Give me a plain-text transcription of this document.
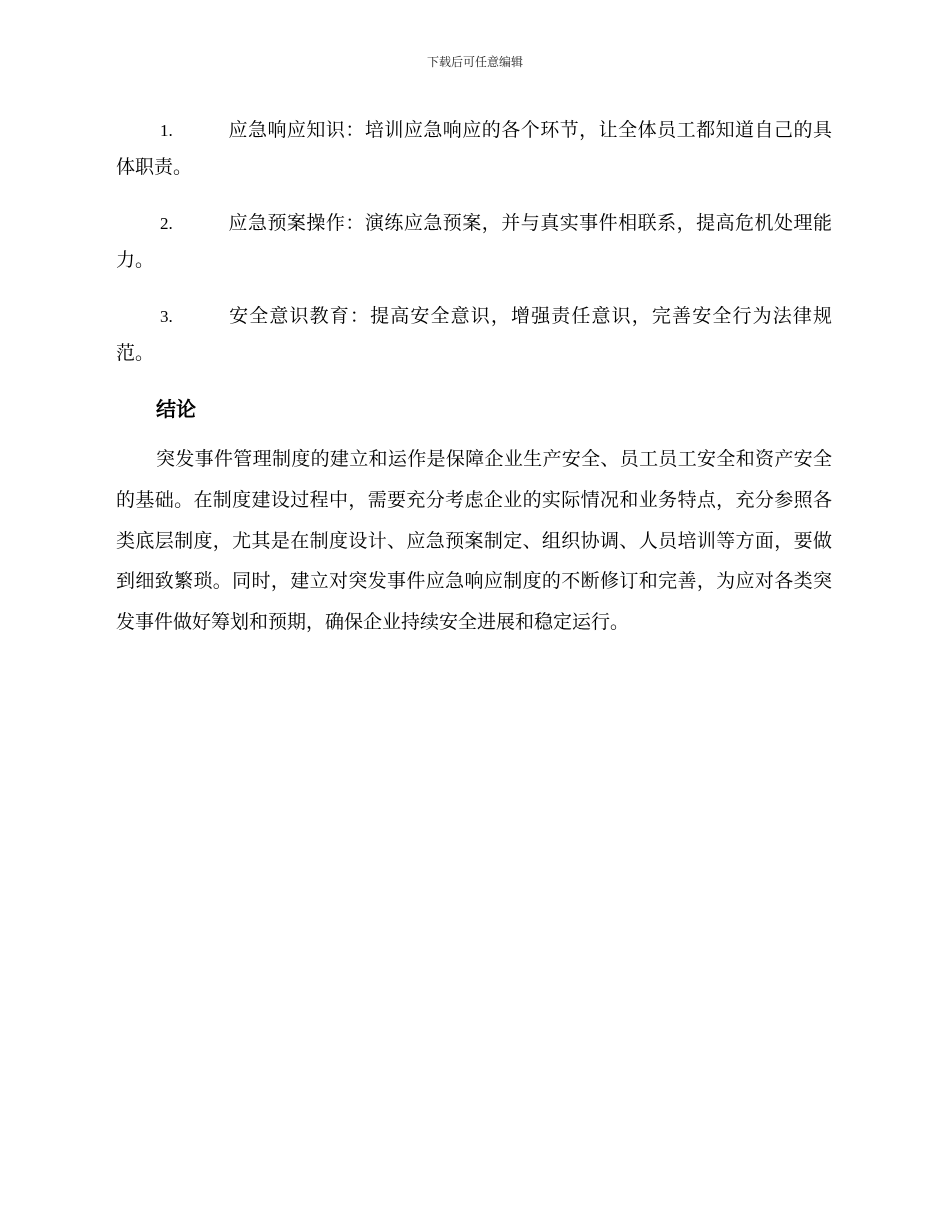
下载后可任意编辑

1.	应急响应知识：培训应急响应的各个环节，让全体员工都知道自己的具体职责。

2.	应急预案操作：演练应急预案，并与真实事件相联系，提高危机处理能力。

3.	安全意识教育：提高安全意识，增强责任意识，完善安全行为法律规范。

结论

突发事件管理制度的建立和运作是保障企业生产安全、员工员工安全和资产安全的基础。在制度建设过程中，需要充分考虑企业的实际情况和业务特点，充分参照各类底层制度，尤其是在制度设计、应急预案制定、组织协调、人员培训等方面，要做到细致繁琐。同时，建立对突发事件应急响应制度的不断修订和完善，为应对各类突发事件做好筹划和预期，确保企业持续安全进展和稳定运行。
